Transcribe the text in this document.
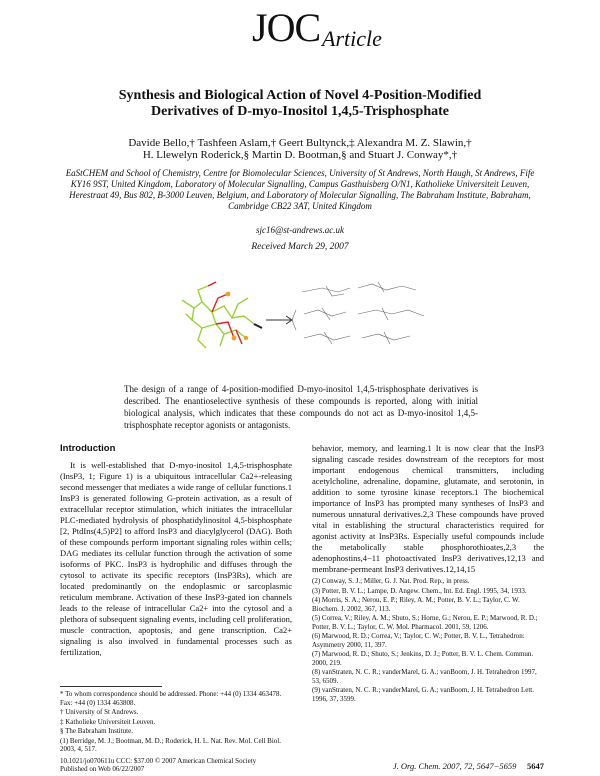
JOC Article
Synthesis and Biological Action of Novel 4-Position-Modified
Derivatives of D-myo-Inositol 1,4,5-Trisphosphate
Davide Bello,† Tashfeen Aslam,† Geert Bultynck,‡ Alexandra M. Z. Slawin,†
H. Llewelyn Roderick,§ Martin D. Bootman,§ and Stuart J. Conway*,†
EaStCHEM and School of Chemistry, Centre for Biomolecular Sciences, University of St Andrews, North Haugh, St Andrews, Fife KY16 9ST, United Kingdom, Laboratory of Molecular Signalling, Campus Gasthuisberg O/N1, Katholieke Universiteit Leuven, Herestraat 49, Bus 802, B-3000 Leuven, Belgium, and Laboratory of Molecular Signalling, The Babraham Institute, Babraham, Cambridge CB22 3AT, United Kingdom
sjc16@st-andrews.ac.uk
Received March 29, 2007
The design of a range of 4-position-modified D-myo-inositol 1,4,5-trisphosphate derivatives is described. The enantioselective synthesis of these compounds is reported, along with initial biological analysis, which indicates that these compounds do not act as D-myo-inositol 1,4,5-trisphosphate receptor agonists or antagonists.
Introduction

It is well-established that D-myo-inositol 1,4,5-trisphosphate (InsP3, 1; Figure 1) is a ubiquitous intracellular Ca2+-releasing second messenger that mediates a wide range of cellular functions.1 InsP3 is generated following G-protein activation, as a result of extracellular receptor stimulation, which initiates the intracellular PLC-mediated hydrolysis of phosphatidylinositol 4,5-bisphosphate [2, PtdIns(4,5)P2] to afford InsP3 and diacylglycerol (DAG). Both of these compounds perform important signaling roles within cells; DAG mediates its cellular function through the activation of some isoforms of PKC. InsP3 is hydrophilic and diffuses through the cytosol to activate its specific receptors (InsP3Rs), which are located predominantly on the endoplasmic or sarcoplasmic reticulum membrane. Activation of these InsP3-gated ion channels leads to the release of intracellular Ca2+ into the cytosol and a plethora of subsequent signaling events, including cell proliferation, muscle contraction, apoptosis, and gene transcription. Ca2+ signaling is also involved in fundamental processes such as fertilization,

behavior, memory, and learning.1 It is now clear that the InsP3 signaling cascade resides downstream of the receptors for most important endogenous chemical transmitters, including acetylcholine, adrenaline, dopamine, glutamate, and serotonin, in addition to some tyrosine kinase receptors.1 The biochemical importance of InsP3 has prompted many syntheses of InsP3 and numerous unnatural derivatives.2,3 These compounds have proved vital in establishing the structural characteristics required for agonist activity at InsP3Rs. Especially useful compounds include the metabolically stable phosphorothioates,2,3 the adenophostins,4−11 photoactivated InsP3 derivatives,12,13 and membrane-permeant InsP3 derivatives.12,14,15

* To whom correspondence should be addressed. Phone: +44 (0) 1334 463478. Fax: +44 (0) 1334 463808.

† University of St Andrews.

‡ Katholieke Universiteit Leuven.

§ The Babraham Institute.

(1) Berridge, M. J.; Bootman, M. D.; Roderick, H. L. Nat. Rev. Mol. Cell Biol. 2003, 4, 517.

(2) Conway, S. J.; Miller, G. J. Nat. Prod. Rep., in press.

(3) Potter, B. V. L.; Lampe, D. Angew. Chem., Int. Ed. Engl. 1995, 34, 1933.

(4) Morris, S. A.; Nerou, E. P.; Riley, A. M.; Potter, B. V. L.; Taylor, C. W. Biochem. J. 2002, 367, 113.

(5) Correa, V.; Riley, A. M.; Shuto, S.; Horne, G.; Nerou, E. P.; Marwood, R. D.; Potter, B. V. L.; Taylor, C. W. Mol. Pharmacol. 2001, 59, 1206.

(6) Marwood, R. D.; Correa, V.; Taylor, C. W.; Potter, B. V. L., Tetrahedron: Asymmetry 2000, 11, 397.

(7) Marwood, R. D.; Shuto, S.; Jenkins, D. J.; Potter, B. V. L. Chem. Commun. 2000, 219.

(8) vanStraten, N. C. R.; vanderMarel, G. A.; vanBoom, J. H. Tetrahedron 1997, 53, 6509.

(9) vanStraten, N. C. R.; vanderMarel, G. A.; vanBoom, J. H. Tetrahedron Lett. 1996, 37, 3599.

10.1021/jo070611u CCC: $37.00 © 2007 American Chemical Society
Published on Web 06/22/2007	J. Org. Chem. 2007, 72, 5647−5659 5647
